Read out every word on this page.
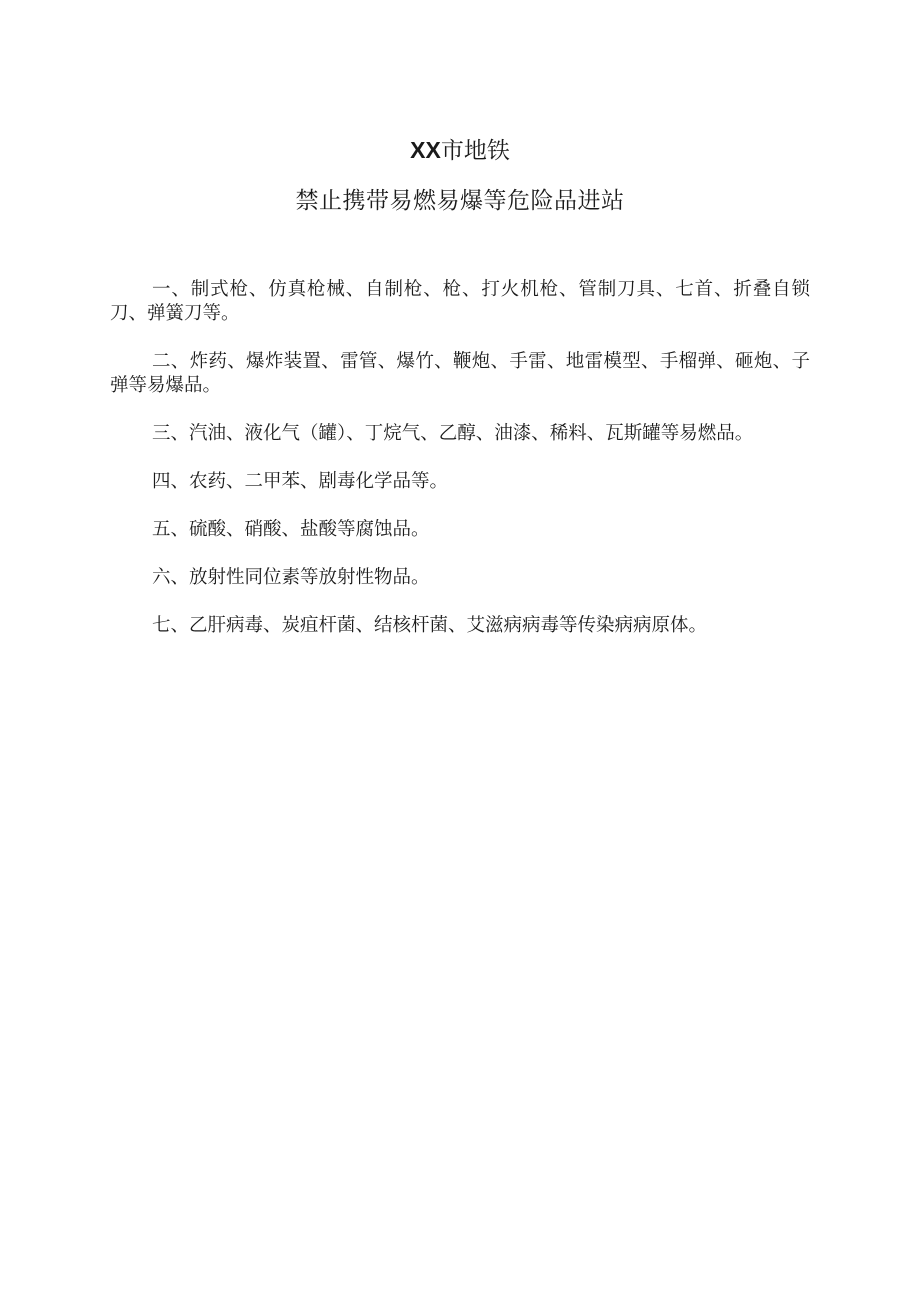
XX市地铁
禁止携带易燃易爆等危险品进站

一、制式枪、仿真枪械、自制枪、枪、打火机枪、管制刀具、七首、折叠自锁刀、弹簧刀等。

二、炸药、爆炸装置、雷管、爆竹、鞭炮、手雷、地雷模型、手榴弹、砸炮、子弹等易爆品。

三、汽油、液化气（罐）、丁烷气、乙醇、油漆、稀料、瓦斯罐等易燃品。

四、农药、二甲苯、剧毒化学品等。

五、硫酸、硝酸、盐酸等腐蚀品。

六、放射性同位素等放射性物品。

七、乙肝病毒、炭疽杆菌、结核杆菌、艾滋病病毒等传染病病原体。
